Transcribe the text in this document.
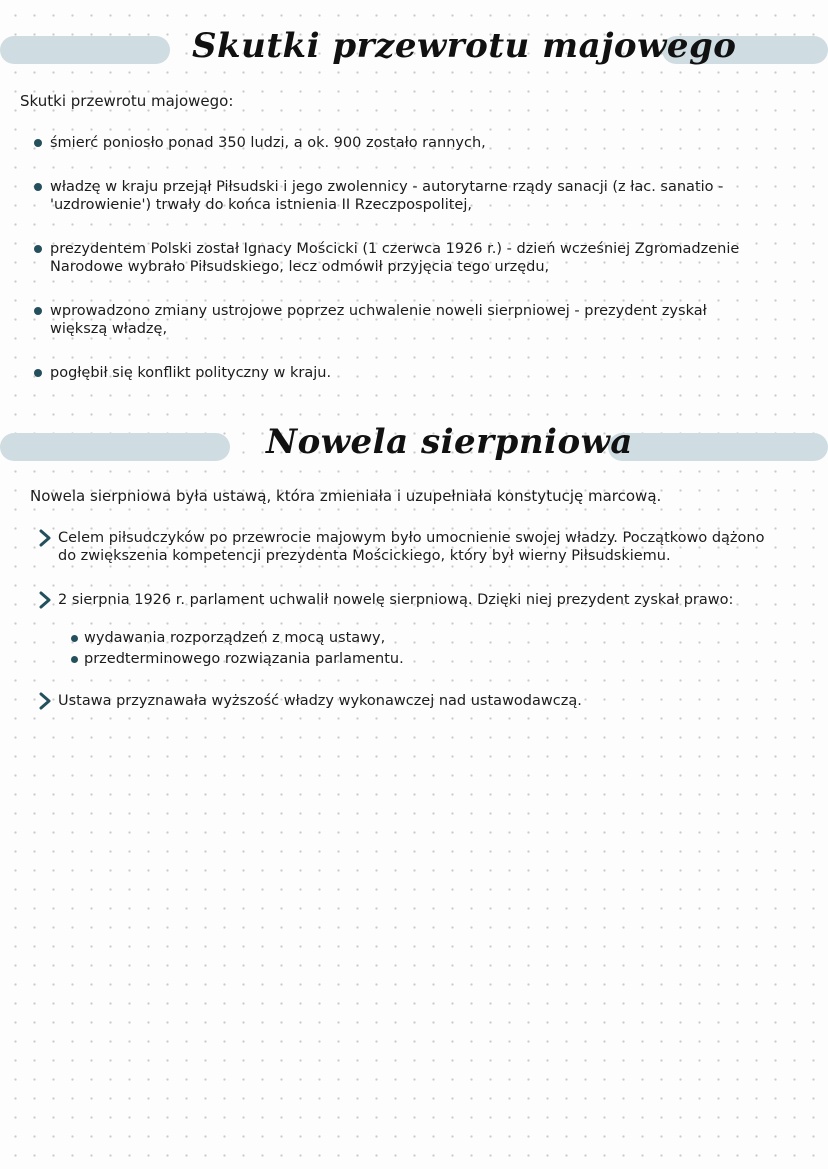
Skutki przewrotu majowego

Skutki przewrotu majowego:

śmierć poniosło ponad 350 ludzi, a ok. 900 zostało rannych,
władzę w kraju przejął Piłsudski i jego zwolennicy - autorytarne rządy sanacji (z łac. sanatio -
'uzdrowienie') trwały do końca istnienia II Rzeczpospolitej,
prezydentem Polski został Ignacy Mościcki (1 czerwca 1926 r.) - dzień wcześniej Zgromadzenie
Narodowe wybrało Piłsudskiego, lecz odmówił przyjęcia tego urzędu,
wprowadzono zmiany ustrojowe poprzez uchwalenie noweli sierpniowej - prezydent zyskał
większą władzę,
pogłębił się konflikt polityczny w kraju.
Nowela sierpniowa

Nowela sierpniowa była ustawą, która zmieniała i uzupełniała konstytucję marcową.

Celem piłsudczyków po przewrocie majowym było umocnienie swojej władzy. Początkowo dążono
do zwiększenia kompetencji prezydenta Mościckiego, który był wierny Piłsudskiemu.
2 sierpnia 1926 r. parlament uchwalił nowelę sierpniową. Dzięki niej prezydent zyskał prawo:
wydawania rozporządzeń z mocą ustawy,
przedterminowego rozwiązania parlamentu.
Ustawa przyznawała wyższość władzy wykonawczej nad ustawodawczą.
